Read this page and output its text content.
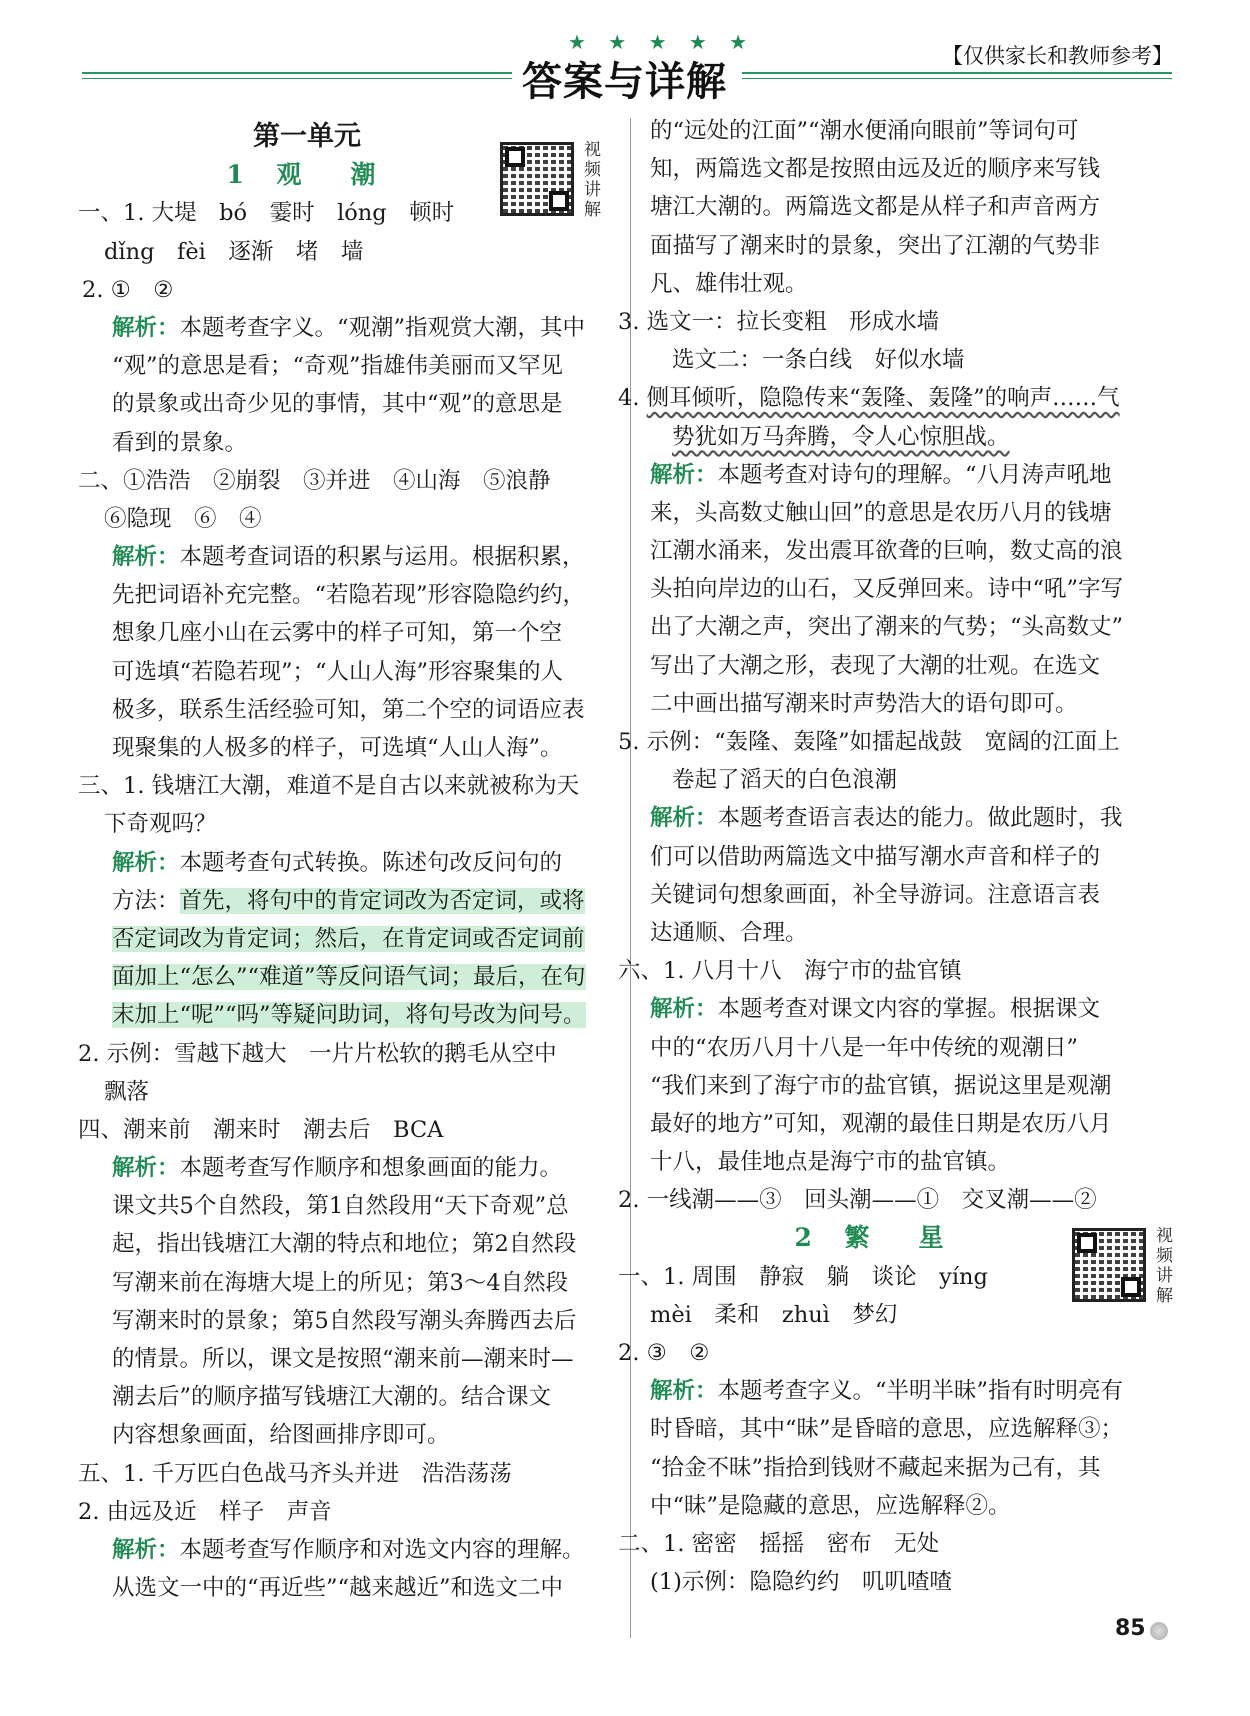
★ ★ ★ ★ ★
答案与详解
【仅供家长和教师参考】
视频讲解
视频讲解
第一单元
1 观　潮
一、1. 大堤　bó　霎时　lóng　顿时
dǐng　fèi　逐渐　堵　墙
2. ①　②
解析：本题考查字义。“观潮”指观赏大潮，其中
“观”的意思是看；“奇观”指雄伟美丽而又罕见
的景象或出奇少见的事情，其中“观”的意思是
看到的景象。
二、①浩浩　②崩裂　③并进　④山海　⑤浪静
⑥隐现　⑥　④
解析：本题考查词语的积累与运用。根据积累，
先把词语补充完整。“若隐若现”形容隐隐约约，
想象几座小山在云雾中的样子可知，第一个空
可选填“若隐若现”；“人山人海”形容聚集的人
极多，联系生活经验可知，第二个空的词语应表
现聚集的人极多的样子，可选填“人山人海”。
三、1. 钱塘江大潮，难道不是自古以来就被称为天
下奇观吗？
解析：本题考查句式转换。陈述句改反问句的
方法：首先，将句中的肯定词改为否定词，或将
否定词改为肯定词；然后，在肯定词或否定词前
面加上“怎么”“难道”等反问语气词；最后，在句
末加上“呢”“吗”等疑问助词，将句号改为问号。
2. 示例：雪越下越大　一片片松软的鹅毛从空中
飘落
四、潮来前　潮来时　潮去后　BCA
解析：本题考查写作顺序和想象画面的能力。
课文共5个自然段，第1自然段用“天下奇观”总
起，指出钱塘江大潮的特点和地位；第2自然段
写潮来前在海塘大堤上的所见；第3～4自然段
写潮来时的景象；第5自然段写潮头奔腾西去后
的情景。所以，课文是按照“潮来前—潮来时—
潮去后”的顺序描写钱塘江大潮的。结合课文
内容想象画面，给图画排序即可。
五、1. 千万匹白色战马齐头并进　浩浩荡荡
2. 由远及近　样子　声音
解析：本题考查写作顺序和对选文内容的理解。
从选文一中的“再近些”“越来越近”和选文二中
的“远处的江面”“潮水便涌向眼前”等词句可
知，两篇选文都是按照由远及近的顺序来写钱
塘江大潮的。两篇选文都是从样子和声音两方
面描写了潮来时的景象，突出了江潮的气势非
凡、雄伟壮观。
3. 选文一：拉长变粗　形成水墙
选文二：一条白线　好似水墙
4. 侧耳倾听，隐隐传来“轰隆、轰隆”的响声……气
势犹如万马奔腾，令人心惊胆战。
解析：本题考查对诗句的理解。“八月涛声吼地
来，头高数丈触山回”的意思是农历八月的钱塘
江潮水涌来，发出震耳欲聋的巨响，数丈高的浪
头拍向岸边的山石，又反弹回来。诗中“吼”字写
出了大潮之声，突出了潮来的气势；“头高数丈”
写出了大潮之形，表现了大潮的壮观。在选文
二中画出描写潮来时声势浩大的语句即可。
5. 示例：“轰隆、轰隆”如擂起战鼓　宽阔的江面上
卷起了滔天的白色浪潮
解析：本题考查语言表达的能力。做此题时，我
们可以借助两篇选文中描写潮水声音和样子的
关键词句想象画面，补全导游词。注意语言表
达通顺、合理。
六、1. 八月十八　海宁市的盐官镇
解析：本题考查对课文内容的掌握。根据课文
中的“农历八月十八是一年中传统的观潮日”
“我们来到了海宁市的盐官镇，据说这里是观潮
最好的地方”可知，观潮的最佳日期是农历八月
十八，最佳地点是海宁市的盐官镇。
2. 一线潮——③　回头潮——①　交叉潮——②
2 繁　星
一、1. 周围　静寂　躺　谈论　yíng
mèi　柔和　zhuì　梦幻
2. ③　②
解析：本题考查字义。“半明半昧”指有时明亮有
时昏暗，其中“昧”是昏暗的意思，应选解释③；
“拾金不昧”指拾到钱财不藏起来据为己有，其
中“昧”是隐藏的意思，应选解释②。
二、1. 密密　摇摇　密布　无处
(1)示例：隐隐约约　叽叽喳喳
85
